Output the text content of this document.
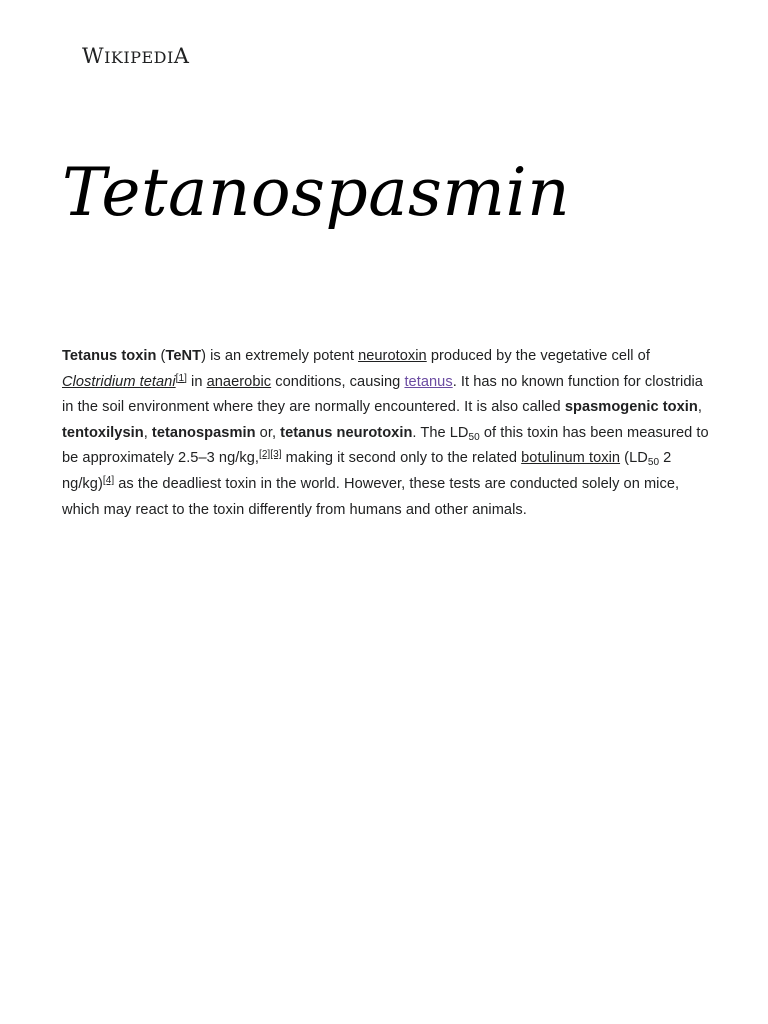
WIKIPEDIA
Tetanospasmin

Tetanus toxin (TeNT) is an extremely potent neurotoxin produced by the vegetative cell of Clostridium tetani[1] in anaerobic conditions, causing tetanus. It has no known function for clostridia in the soil environment where they are normally encountered. It is also called spasmogenic toxin, tentoxilysin, tetanospasmin or, tetanus neurotoxin. The $LD_{50}$ of this toxin has been measured to be approximately 2.5–3 ng/kg,[2][3] making it second only to the related botulinum toxin ($LD_{50}$ 2 ng/kg)[4] as the deadliest toxin in the world. However, these tests are conducted solely on mice, which may react to the toxin differently from humans and other animals.
